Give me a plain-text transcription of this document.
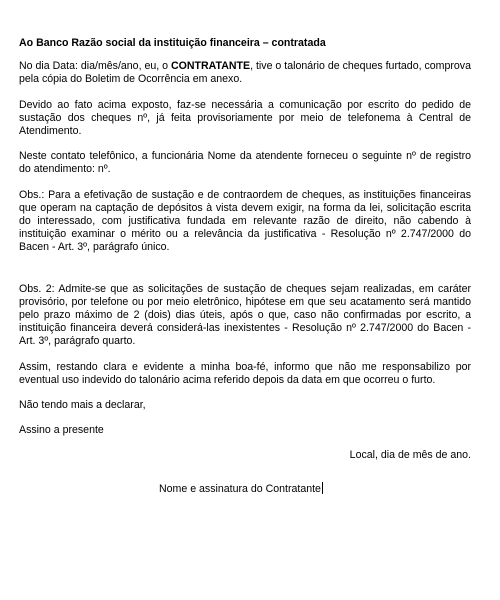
Ao Banco Razão social da instituição financeira – contratada

No dia Data: dia/mês/ano, eu, o CONTRATANTE, tive o talonário de cheques furtado, comprova pela cópia do Boletim de Ocorrência em anexo.

Devido ao fato acima exposto, faz-se necessária a comunicação por escrito do pedido de sustação dos cheques nº, já feita provisoriamente por meio de telefonema à Central de Atendimento.

Neste contato telefônico, a funcionária Nome da atendente forneceu o seguinte nº de registro do atendimento: nº.

Obs.: Para a efetivação de sustação e de contraordem de cheques, as instituições financeiras que operam na captação de depósitos à vista devem exigir, na forma da lei, solicitação escrita do interessado, com justificativa fundada em relevante razão de direito, não cabendo à instituição examinar o mérito ou a relevância da justificativa - Resolução nº 2.747/2000 do Bacen - Art. 3º, parágrafo único.

Obs. 2: Admite-se que as solicitações de sustação de cheques sejam realizadas, em caráter provisório, por telefone ou por meio eletrônico, hipótese em que seu acatamento será mantido pelo prazo máximo de 2 (dois) dias úteis, após o que, caso não confirmadas por escrito, a instituição financeira deverá considerá-las inexistentes - Resolução nº 2.747/2000 do Bacen - Art. 3º, parágrafo quarto.

Assim, restando clara e evidente a minha boa-fé, informo que não me responsabilizo por eventual uso indevido do talonário acima referido depois da data em que ocorreu o furto.

Não tendo mais a declarar,

Assino a presente

Local, dia de mês de ano.

Nome e assinatura do Contratante
